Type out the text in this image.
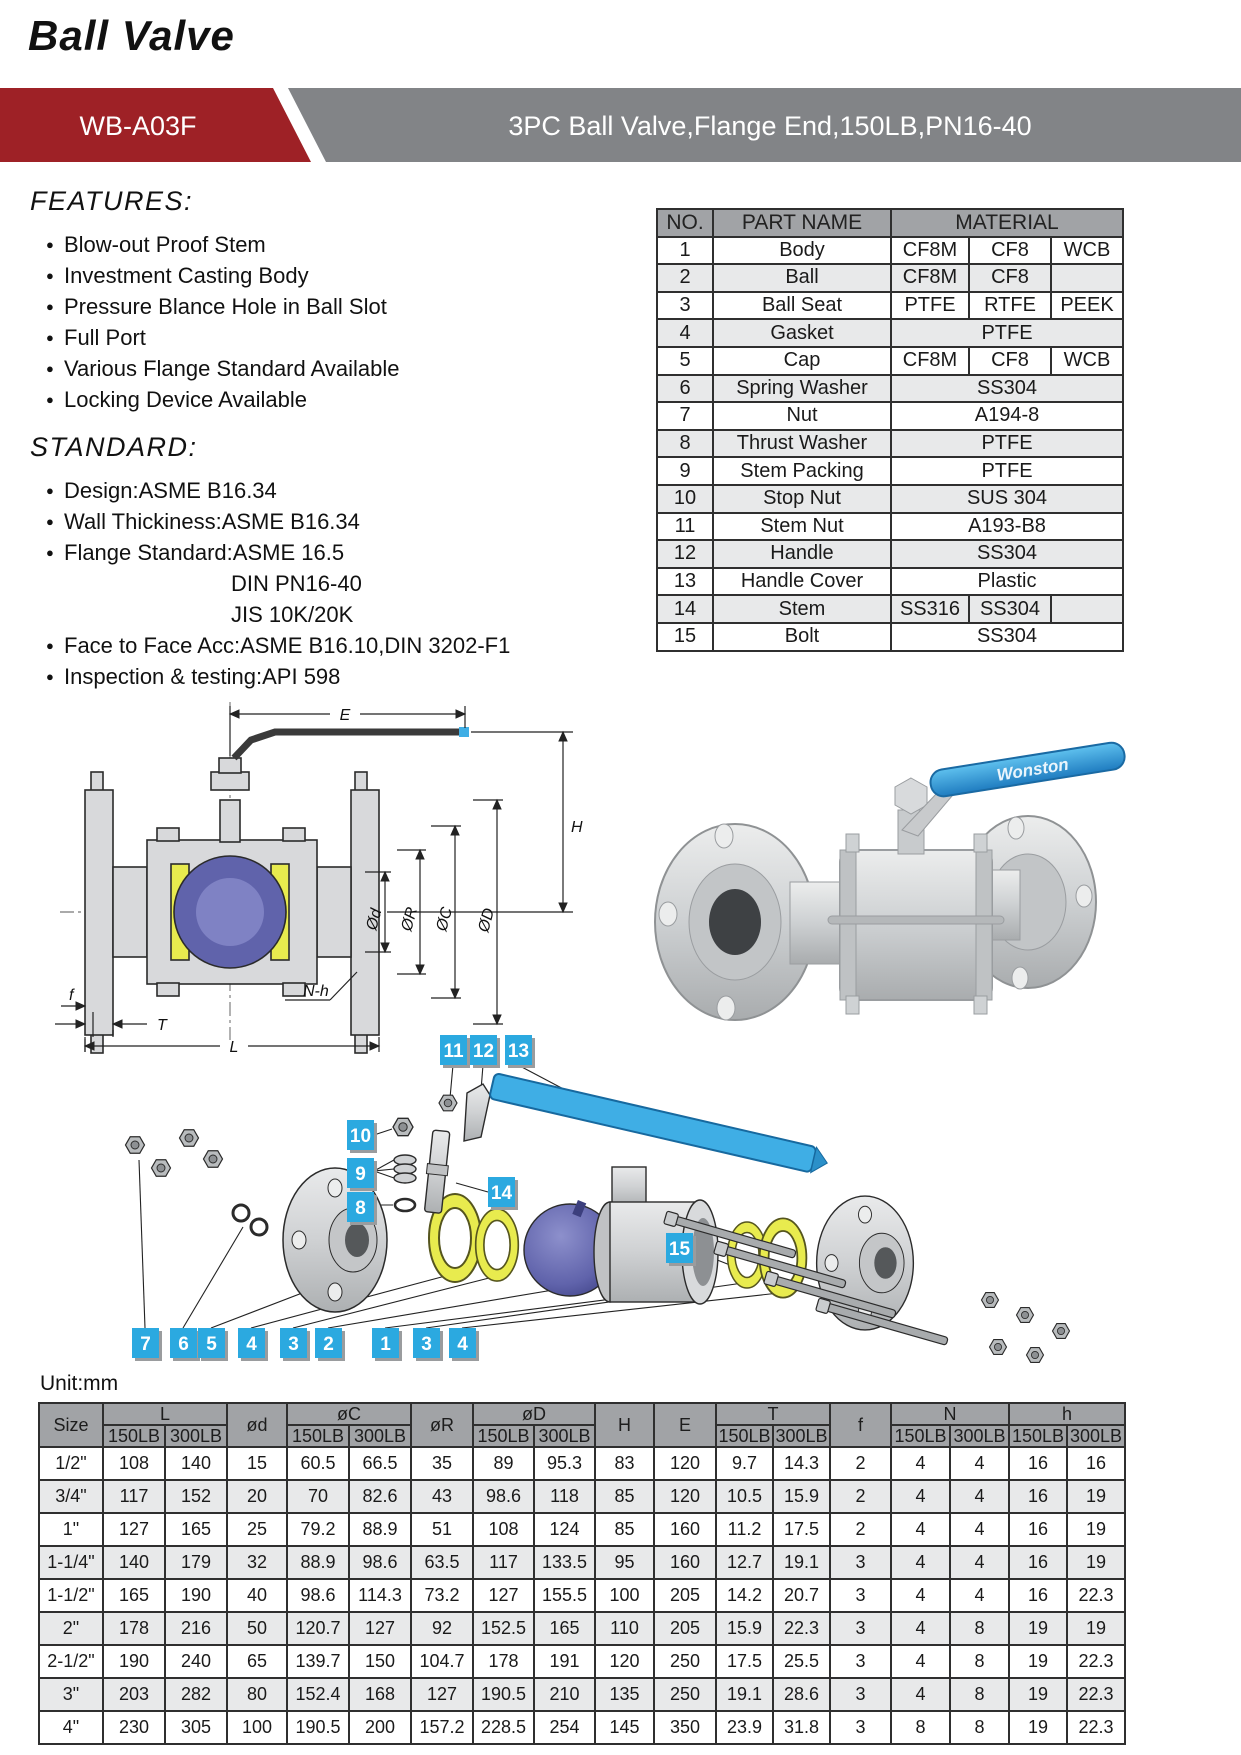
Ball Valve
WB-A03F	3PC Ball Valve,Flange End,150LB,PN16-40
FEATURES:
● Blow-out Proof Stem
● Investment Casting Body
● Pressure Blance Hole in Ball Slot
● Full Port
● Various Flange Standard Available
● Locking Device Available
STANDARD:
● Design:ASME B16.34
● Wall Thickiness:ASME B16.34
● Flange Standard:ASME 16.5
DIN PN16-40
JIS 10K/20K
● Face to Face Acc:ASME B16.10,DIN 3202-F1
● Inspection & testing:API 598
NO.	PART NAME	MATERIAL		
1	Body	CF8M	CF8	WCB
2	Ball	CF8M	CF8	
3	Ball Seat	PTFE	RTFE	PEEK
4	Gasket	PTFE		
5	Cap	CF8M	CF8	WCB
6	Spring Washer	SS304		
7	Nut	A194-8		
8	Thrust Washer	PTFE		
9	Stem Packing	PTFE		
10	Stop Nut	SUS 304		
11	Stem Nut	A193-B8		
12	Handle	SS304		
13	Handle Cover	Plastic		
14	Stem	SS316	SS304	
15	Bolt	SS304		
E
H
Ød ØR ØC ØD
f
T
L
N-h
Wonston
11 12 13
10
9
8
14
15
7 6 5 4 3 2 1 3 4
Unit:mm
Size	L		ød	øC		øR	øD		H	E	T		f	N		h	
	150LB	300LB		150LB	300LB		150LB	300LB			150LB	300LB		150LB	300LB	150LB	300LB
1/2"	108	140	15	60.5	66.5	35	89	95.3	83	120	9.7	14.3	2	4	4	16	16
3/4"	117	152	20	70	82.6	43	98.6	118	85	120	10.5	15.9	2	4	4	16	19
1"	127	165	25	79.2	88.9	51	108	124	85	160	11.2	17.5	2	4	4	16	19
1-1/4"	140	179	32	88.9	98.6	63.5	117	133.5	95	160	12.7	19.1	3	4	4	16	19
1-1/2"	165	190	40	98.6	114.3	73.2	127	155.5	100	205	14.2	20.7	3	4	4	16	22.3
2"	178	216	50	120.7	127	92	152.5	165	110	205	15.9	22.3	3	4	8	19	19
2-1/2"	190	240	65	139.7	150	104.7	178	191	120	250	17.5	25.5	3	4	8	19	22.3
3"	203	282	80	152.4	168	127	190.5	210	135	250	19.1	28.6	3	4	8	19	22.3
4"	230	305	100	190.5	200	157.2	228.5	254	145	350	23.9	31.8	3	8	8	19	22.3
